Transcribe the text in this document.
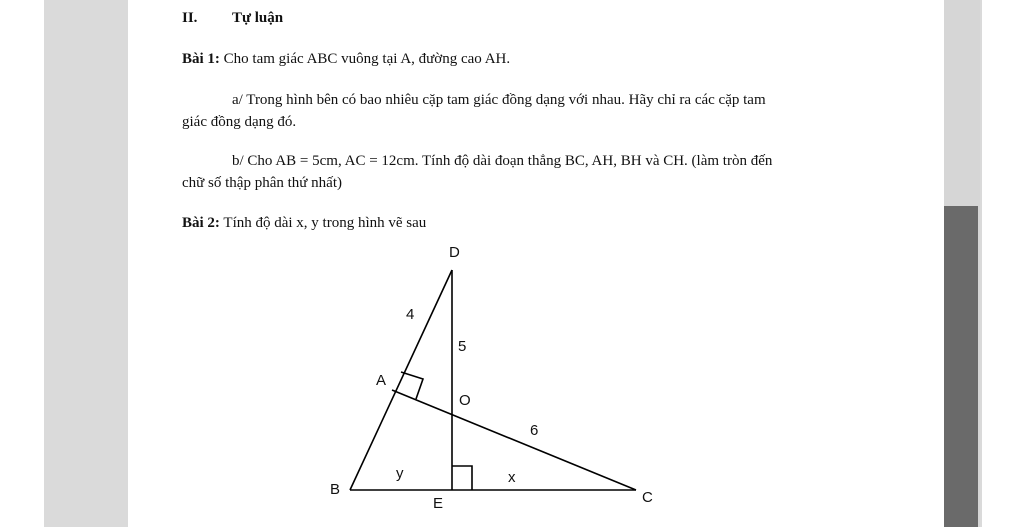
II. Tự luận
Bài 1: Cho tam giác ABC vuông tại A, đường cao AH.
a/ Trong hình bên có bao nhiêu cặp tam giác đồng dạng với nhau. Hãy chỉ ra các cặp tam
giác đồng dạng đó.
b/ Cho AB = 5cm, AC = 12cm. Tính độ dài đoạn thẳng BC, AH, BH và CH. (làm tròn đến
chữ số thập phân thứ nhất)
Bài 2: Tính độ dài x, y trong hình vẽ sau
D
A
O
B
E	C
4
5
6
y	x
